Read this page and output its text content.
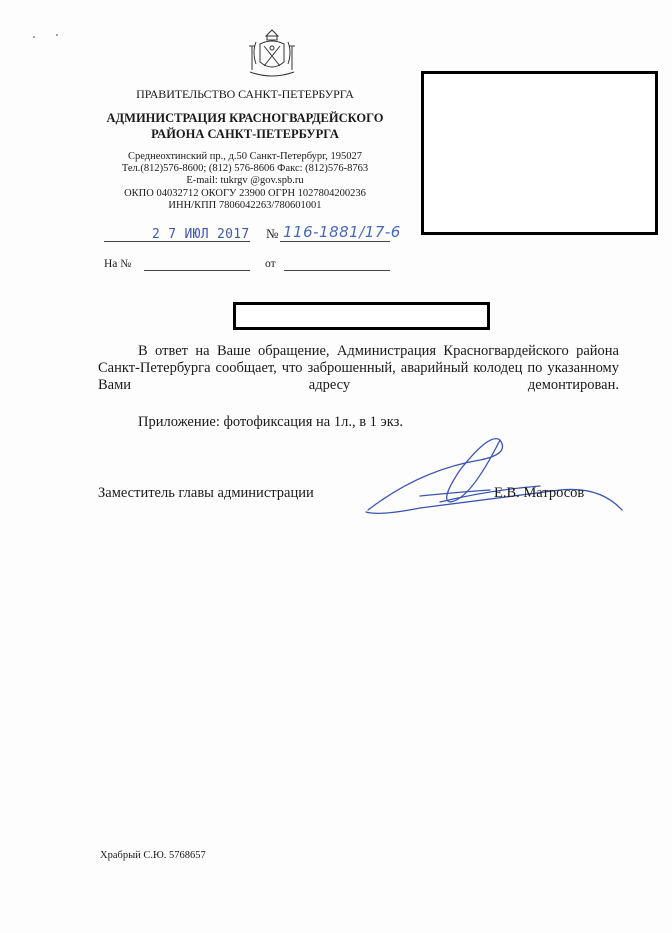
ПРАВИТЕЛЬСТВО САНКТ-ПЕТЕРБУРГА
АДМИНИСТРАЦИЯ КРАСНОГВАРДЕЙСКОГО
РАЙОНА САНКТ-ПЕТЕРБУРГА
Среднеохтинский пр., д.50 Санкт-Петербург, 195027
Тел.(812)576-8600; (812) 576-8606 Факс: (812)576-8763
E-mail: tukrgv @gov.spb.ru
ОКПО 04032712 ОКОГУ 23900 ОГРН 1027804200236
ИНН/КПП 7806042263/780601001
2 7 ИЮЛ 2017 № 116-1881/17-6
На №	от
В ответ на Ваше обращение, Администрация Красногвардейского района Санкт-Петербурга сообщает, что заброшенный, аварийный колодец по указанному Вами адресу демонтирован.
Приложение: фотофиксация на 1л., в 1 экз.
Заместитель главы администрации	Е.В. Матросов
Храбрый С.Ю. 5768657
